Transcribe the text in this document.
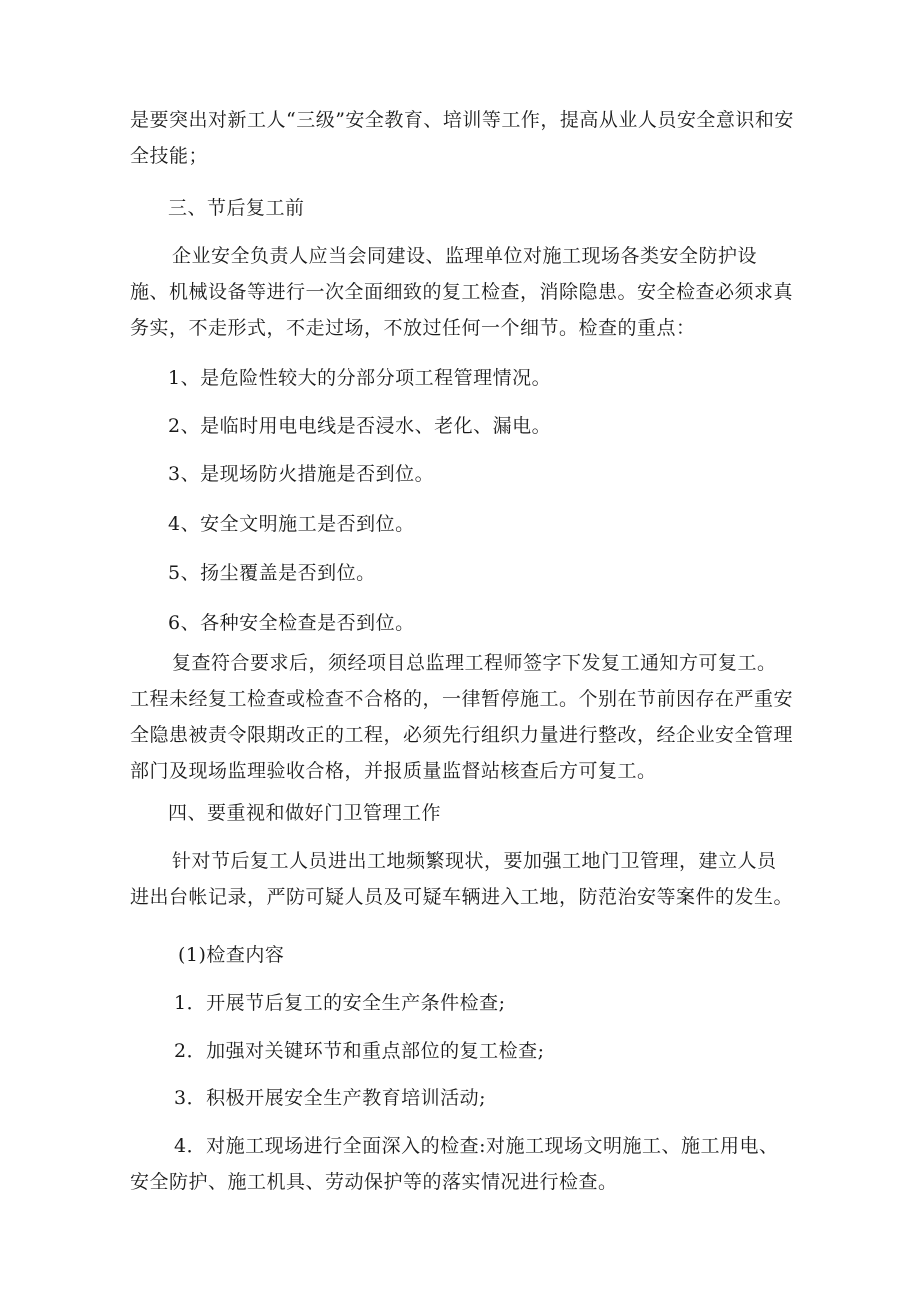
是要突出对新工人“三级”安全教育、培训等工作，提高从业人员安全意识和安全技能；

三、节后复工前

企业安全负责人应当会同建设、监理单位对施工现场各类安全防护设施、机械设备等进行一次全面细致的复工检查，消除隐患。安全检查必须求真务实，不走形式，不走过场，不放过任何一个细节。检查的重点：

1、是危险性较大的分部分项工程管理情况。

2、是临时用电电线是否浸水、老化、漏电。

3、是现场防火措施是否到位。

4、安全文明施工是否到位。

5、扬尘覆盖是否到位。

6、各种安全检查是否到位。

复查符合要求后，须经项目总监理工程师签字下发复工通知方可复工。工程未经复工检查或检查不合格的，一律暂停施工。个别在节前因存在严重安全隐患被责令限期改正的工程，必须先行组织力量进行整改，经企业安全管理部门及现场监理验收合格，并报质量监督站核查后方可复工。

四、要重视和做好门卫管理工作

针对节后复工人员进出工地频繁现状，要加强工地门卫管理，建立人员进出台帐记录，严防可疑人员及可疑车辆进入工地，防范治安等案件的发生。

(1)检查内容

1．开展节后复工的安全生产条件检查;

2．加强对关键环节和重点部位的复工检查;

3．积极开展安全生产教育培训活动;

4．对施工现场进行全面深入的检查:对施工现场文明施工、施工用电、安全防护、施工机具、劳动保护等的落实情况进行检查。
